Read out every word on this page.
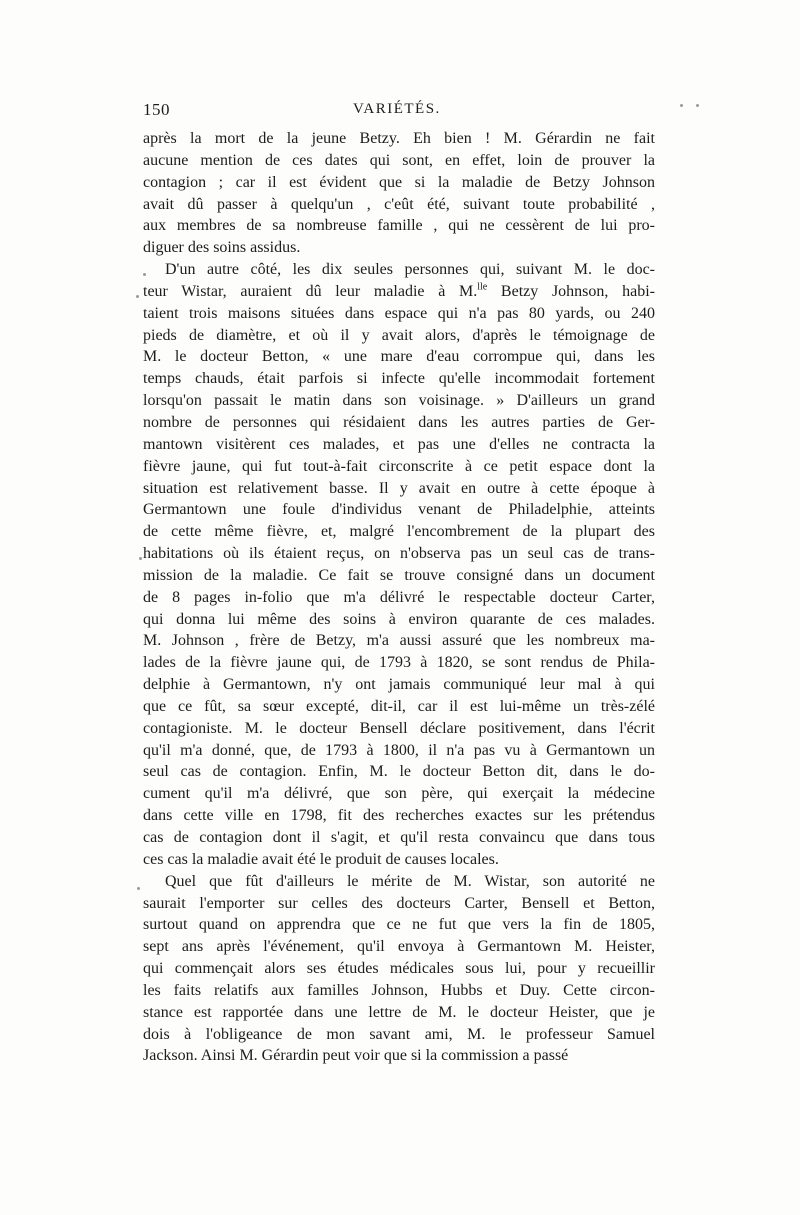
150	VARIÉTÉS.
après la mort de la jeune Betzy. Eh bien ! M. Gérardin ne fait
aucune mention de ces dates qui sont, en effet, loin de prouver la
contagion ; car il est évident que si la maladie de Betzy Johnson
avait dû passer à quelqu'un , c'eût été, suivant toute probabilité ,
aux membres de sa nombreuse famille , qui ne cessèrent de lui pro-
diguer des soins assidus.
D'un autre côté, les dix seules personnes qui, suivant M. le doc-
teur Wistar, auraient dû leur maladie à M.$^{lle}$ Betzy Johnson, habi-
taient trois maisons situées dans espace qui n'a pas 80 yards, ou 240
pieds de diamètre, et où il y avait alors, d'après le témoignage de
M. le docteur Betton, « une mare d'eau corrompue qui, dans les
temps chauds, était parfois si infecte qu'elle incommodait fortement
lorsqu'on passait le matin dans son voisinage. » D'ailleurs un grand
nombre de personnes qui résidaient dans les autres parties de Ger-
mantown visitèrent ces malades, et pas une d'elles ne contracta la
fièvre jaune, qui fut tout-à-fait circonscrite à ce petit espace dont la
situation est relativement basse. Il y avait en outre à cette époque à
Germantown une foule d'individus venant de Philadelphie, atteints
de cette même fièvre, et, malgré l'encombrement de la plupart des
habitations où ils étaient reçus, on n'observa pas un seul cas de trans-
mission de la maladie. Ce fait se trouve consigné dans un document
de 8 pages in-folio que m'a délivré le respectable docteur Carter,
qui donna lui même des soins à environ quarante de ces malades.
M. Johnson , frère de Betzy, m'a aussi assuré que les nombreux ma-
lades de la fièvre jaune qui, de 1793 à 1820, se sont rendus de Phila-
delphie à Germantown, n'y ont jamais communiqué leur mal à qui
que ce fût, sa sœur excepté, dit-il, car il est lui-même un très-zélé
contagioniste. M. le docteur Bensell déclare positivement, dans l'écrit
qu'il m'a donné, que, de 1793 à 1800, il n'a pas vu à Germantown un
seul cas de contagion. Enfin, M. le docteur Betton dit, dans le do-
cument qu'il m'a délivré, que son père, qui exerçait la médecine
dans cette ville en 1798, fit des recherches exactes sur les prétendus
cas de contagion dont il s'agit, et qu'il resta convaincu que dans tous
ces cas la maladie avait été le produit de causes locales.
Quel que fût d'ailleurs le mérite de M. Wistar, son autorité ne
saurait l'emporter sur celles des docteurs Carter, Bensell et Betton,
surtout quand on apprendra que ce ne fut que vers la fin de 1805,
sept ans après l'événement, qu'il envoya à Germantown M. Heister,
qui commençait alors ses études médicales sous lui, pour y recueillir
les faits relatifs aux familles Johnson, Hubbs et Duy. Cette circon-
stance est rapportée dans une lettre de M. le docteur Heister, que je
dois à l'obligeance de mon savant ami, M. le professeur Samuel
Jackson. Ainsi M. Gérardin peut voir que si la commission a passé
